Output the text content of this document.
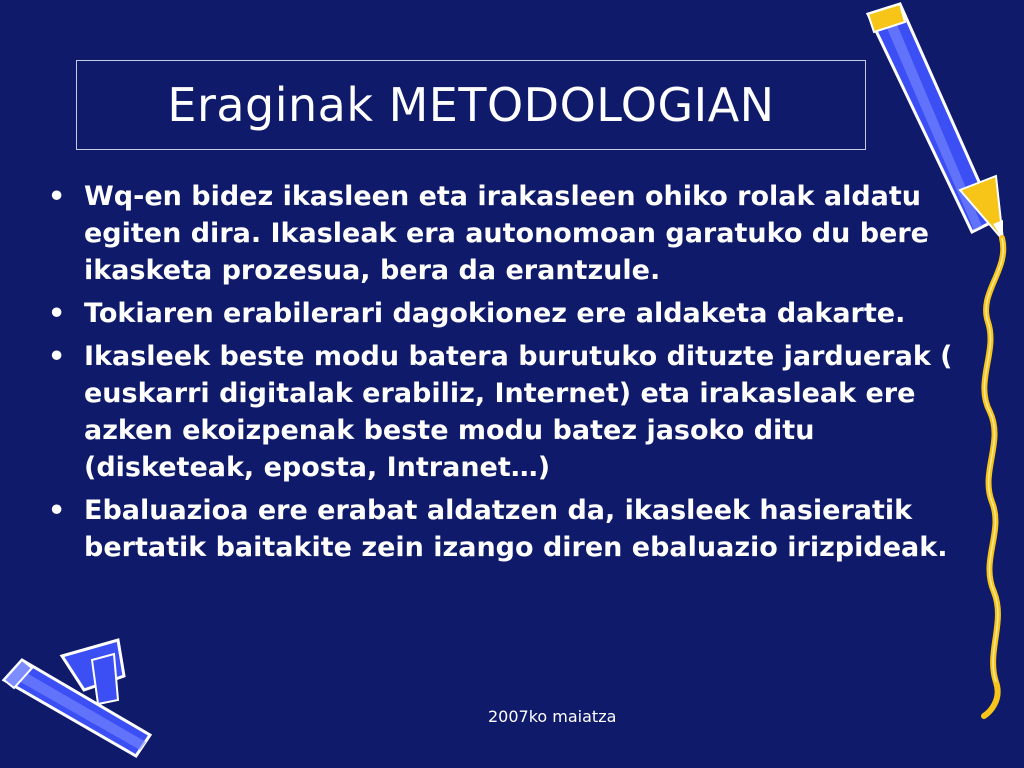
Eraginak METODOLOGIAN
• Wq-en bidez ikasleen eta irakasleen ohiko rolak aldatu egiten dira. Ikasleak era autonomoan garatuko du bere ikasketa prozesua, bera da erantzule.
• Tokiaren erabilerari dagokionez ere aldaketa dakarte.
• Ikasleek beste modu batera burutuko dituzte jarduerak ( euskarri digitalak erabiliz, Internet) eta irakasleak ere azken ekoizpenak beste modu batez jasoko ditu (disketeak, eposta, Intranet…)
• Ebaluazioa ere erabat aldatzen da, ikasleek hasieratik bertatik baitakite zein izango diren ebaluazio irizpideak.
2007ko maiatza
